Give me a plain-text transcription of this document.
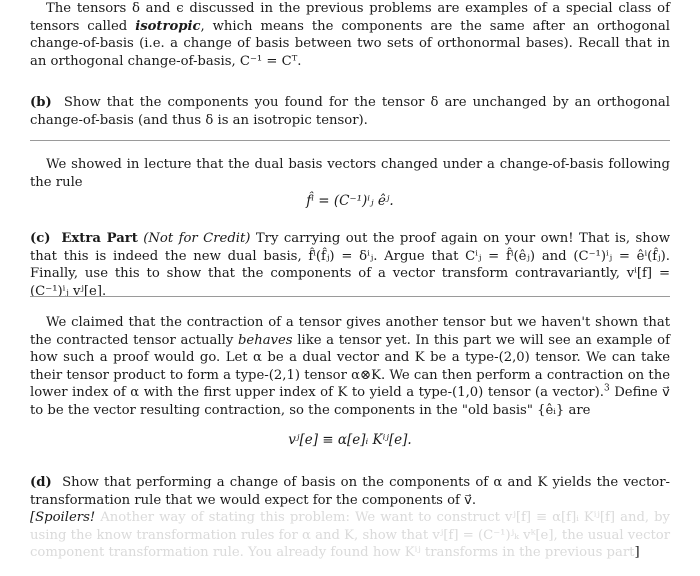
The tensors δ and ϵ discussed in the previous problems are examples of a special class of tensors called isotropic, which means the components are the same after an orthogonal change-of-basis (i.e. a change of basis between two sets of orthonormal bases). Recall that in an orthogonal change-of-basis, C⁻¹ = Cᵀ.
(b) Show that the components you found for the tensor δ are unchanged by an orthogonal change-of-basis (and thus δ is an isotropic tensor).
We showed in lecture that the dual basis vectors changed under a change-of-basis following the rule
f̂ⁱ = (C⁻¹)ⁱⱼ êʲ.
(c) Extra Part (Not for Credit) Try carrying out the proof again on your own! That is, show that this is indeed the new dual basis, f̂ⁱ(f̂ⱼ) = δⁱⱼ. Argue that Cⁱⱼ = f̂ⁱ(êⱼ) and (C⁻¹)ⁱⱼ = êⁱ(f̂ⱼ). Finally, use this to show that the components of a vector transform contravariantly, vⁱ[f] = (C⁻¹)ⁱⱼ vʲ[e].
We claimed that the contraction of a tensor gives another tensor but we haven't shown that the contracted tensor actually behaves like a tensor yet. In this part we will see an example of how such a proof would go. Let α be a dual vector and K be a type-(2,0) tensor. We can take their tensor product to form a type-(2,1) tensor α⊗K. We can then perform a contraction on the lower index of α with the first upper index of K to yield a type-(1,0) tensor (a vector).$^3$ Define v⃗ to be the vector resulting contraction, so the components in the "old basis" {êᵢ} are
vʲ[e] ≡ α[e]ᵢ Kⁱʲ[e].
(d) Show that performing a change of basis on the components of α and K yields the vector-transformation rule that we would expect for the components of v⃗.
[Spoilers! Another way of stating this problem: We want to construct vʲ[f] ≡ α[f]ᵢ Kⁱʲ[f] and, by using the know transformation rules for α and K, show that vʲ[f] = (C⁻¹)ʲₖ vᵏ[e], the usual vector component transformation rule. You already found how Kⁱʲ transforms in the previous part]
